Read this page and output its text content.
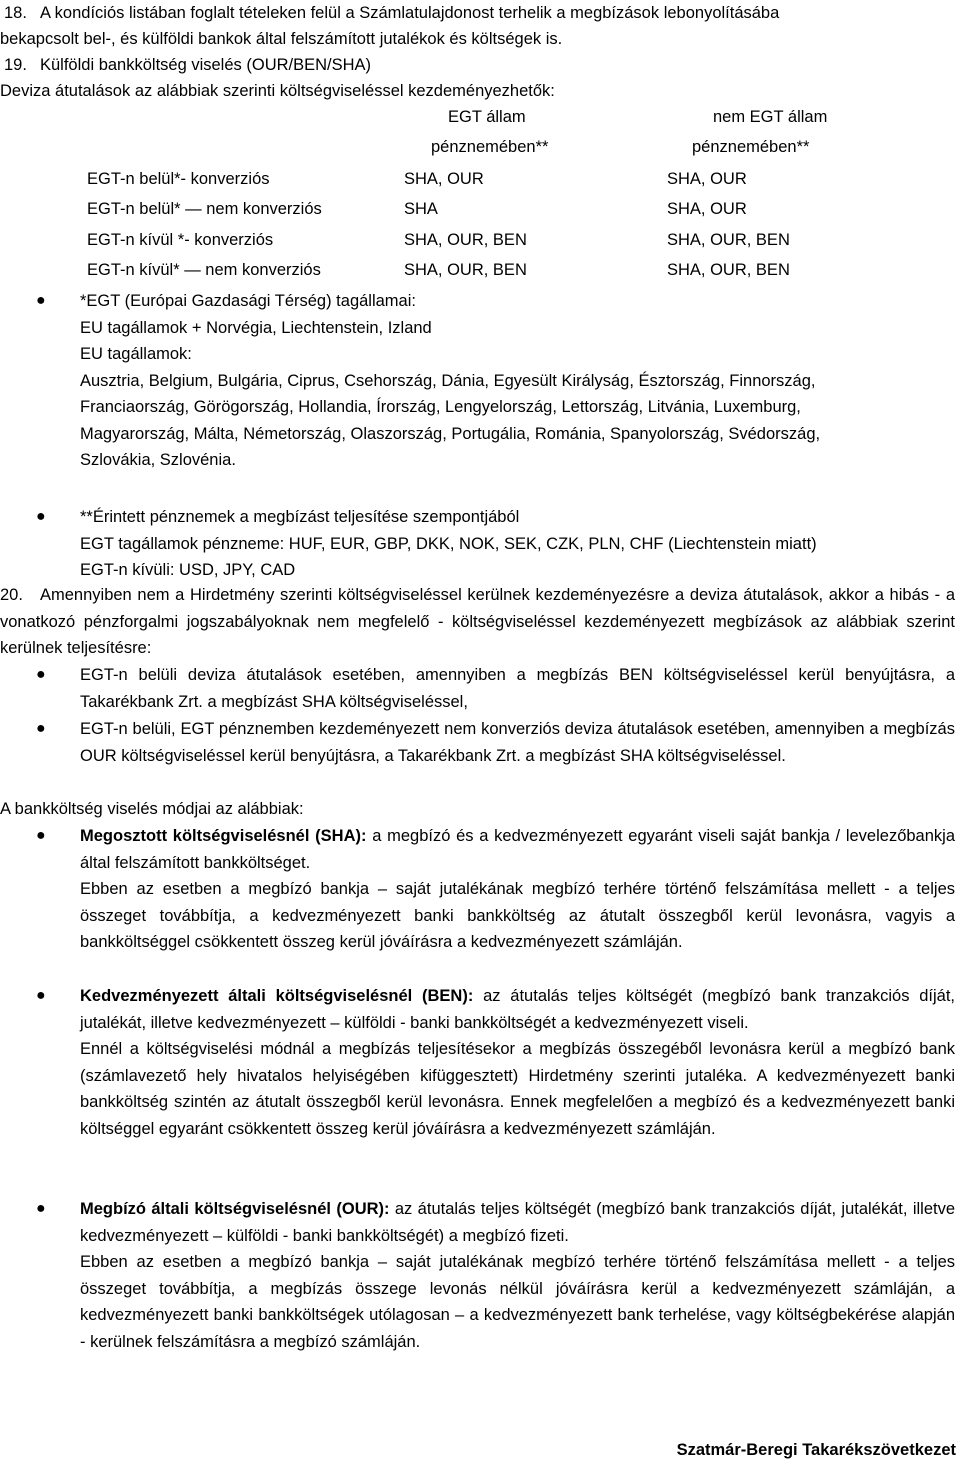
18. A kondíciós listában foglalt tételeken felül a Számlatulajdonost terhelik a megbízások lebonyolításába
bekapcsolt bel-, és külföldi bankok által felszámított jutalékok és költségek is.
19. Külföldi bankköltség viselés (OUR/BEN/SHA)
Deviza átutalások az alábbiak szerinti költségviseléssel kezdeményezhetők:
EGT állam	nem EGT állam
pénznemében**	pénznemében**
EGT-n belül*- konverziós	SHA, OUR	SHA, OUR
EGT-n belül* — nem konverziós	SHA	SHA, OUR
EGT-n kívül *- konverziós	SHA, OUR, BEN	SHA, OUR, BEN
EGT-n kívül* — nem konverziós	SHA, OUR, BEN	SHA, OUR, BEN
● *EGT (Európai Gazdasági Térség) tagállamai:
EU tagállamok + Norvégia, Liechtenstein, Izland
EU tagállamok:
Ausztria, Belgium, Bulgária, Ciprus, Csehország, Dánia, Egyesült Királyság, Észtország, Finnország,
Franciaország, Görögország, Hollandia, Írország, Lengyelország, Lettország, Litvánia, Luxemburg,
Magyarország, Málta, Németország, Olaszország, Portugália, Románia, Spanyolország, Svédország,
Szlovákia, Szlovénia.
● **Érintett pénznemek a megbízást teljesítése szempontjából
EGT tagállamok pénzneme: HUF, EUR, GBP, DKK, NOK, SEK, CZK, PLN, CHF (Liechtenstein miatt)
EGT-n kívüli: USD, JPY, CAD
20. Amennyiben nem a Hirdetmény szerinti költségviseléssel kerülnek kezdeményezésre a deviza átutalások, akkor a hibás - a vonatkozó pénzforgalmi jogszabályoknak nem megfelelő - költségviseléssel kezdeményezett megbízások az alábbiak szerint kerülnek teljesítésre:
● EGT-n belüli deviza átutalások esetében, amennyiben a megbízás BEN költségviseléssel kerül benyújtásra, a Takarékbank Zrt. a megbízást SHA költségviseléssel,
● EGT-n belüli, EGT pénznemben kezdeményezett nem konverziós deviza átutalások esetében, amennyiben a megbízás OUR költségviseléssel kerül benyújtásra, a Takarékbank Zrt. a megbízást SHA költségviseléssel.
A bankköltség viselés módjai az alábbiak:
● Megosztott költségviselésnél (SHA): a megbízó és a kedvezményezett egyaránt viseli saját bankja / levelezőbankja által felszámított bankköltséget.
Ebben az esetben a megbízó bankja – saját jutalékának megbízó terhére történő felszámítása mellett - a teljes összeget továbbítja, a kedvezményezett banki bankköltség az átutalt összegből kerül levonásra, vagyis a bankköltséggel csökkentett összeg kerül jóváírásra a kedvezményezett számláján.
● Kedvezményezett általi költségviselésnél (BEN): az átutalás teljes költségét (megbízó bank tranzakciós díját, jutalékát, illetve kedvezményezett – külföldi - banki bankköltségét a kedvezményezett viseli.
Ennél a költségviselési módnál a megbízás teljesítésekor a megbízás összegéből levonásra kerül a megbízó bank (számlavezető hely hivatalos helyiségében kifüggesztett) Hirdetmény szerinti jutaléka. A kedvezményezett banki bankköltség szintén az átutalt összegből kerül levonásra. Ennek megfelelően a megbízó és a kedvezményezett banki költséggel egyaránt csökkentett összeg kerül jóváírásra a kedvezményezett számláján.
● Megbízó általi költségviselésnél (OUR): az átutalás teljes költségét (megbízó bank tranzakciós díját, jutalékát, illetve kedvezményezett – külföldi - banki bankköltségét) a megbízó fizeti.
Ebben az esetben a megbízó bankja – saját jutalékának megbízó terhére történő felszámítása mellett - a teljes összeget továbbítja, a megbízás összege levonás nélkül jóváírásra kerül a kedvezményezett számláján, a kedvezményezett banki bankköltségek utólagosan – a kedvezményezett bank terhelése, vagy költségbekérése alapján - kerülnek felszámításra a megbízó számláján.
Szatmár-Beregi Takarékszövetkezet
